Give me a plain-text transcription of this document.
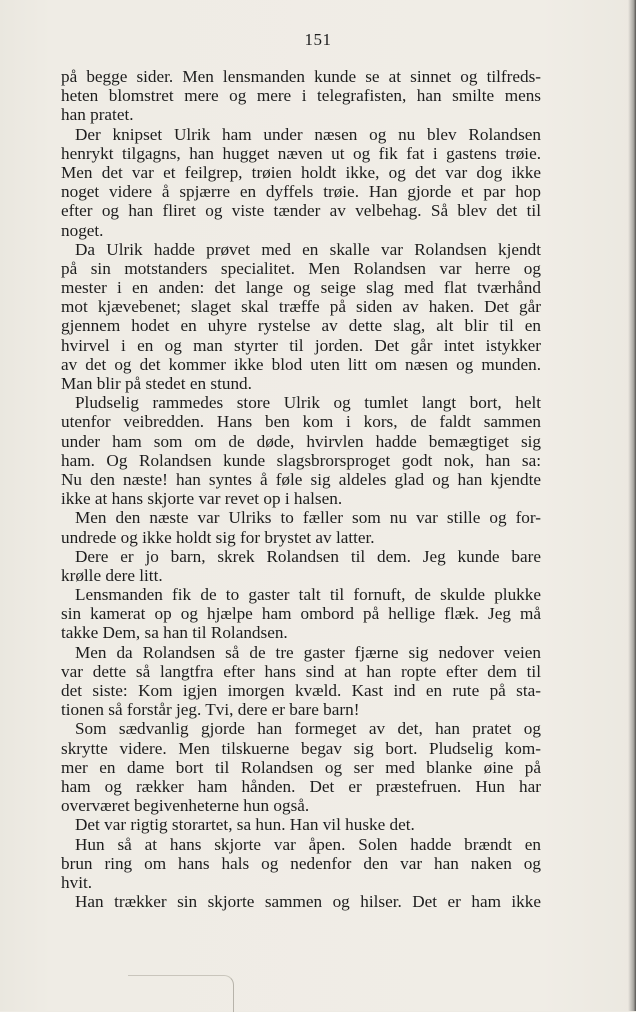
151
på begge sider. Men lensmanden kunde se at sinnet og tilfreds-
heten blomstret mere og mere i telegrafisten, han smilte mens
han pratet.
Der knipset Ulrik ham under næsen og nu blev Rolandsen
henrykt tilgagns, han hugget næven ut og fik fat i gastens trøie.
Men det var et feilgrep, trøien holdt ikke, og det var dog ikke
noget videre å spjærre en dyffels trøie. Han gjorde et par hop
efter og han fliret og viste tænder av velbehag. Så blev det til
noget.
Da Ulrik hadde prøvet med en skalle var Rolandsen kjendt
på sin motstanders specialitet. Men Rolandsen var herre og
mester i en anden: det lange og seige slag med flat tværhånd
mot kjævebenet; slaget skal træffe på siden av haken. Det går
gjennem hodet en uhyre rystelse av dette slag, alt blir til en
hvirvel i en og man styrter til jorden. Det går intet istykker
av det og det kommer ikke blod uten litt om næsen og munden.
Man blir på stedet en stund.
Pludselig rammedes store Ulrik og tumlet langt bort, helt
utenfor veibredden. Hans ben kom i kors, de faldt sammen
under ham som om de døde, hvirvlen hadde bemægtiget sig
ham. Og Rolandsen kunde slagsbrorsproget godt nok, han sa:
Nu den næste! han syntes å føle sig aldeles glad og han kjendte
ikke at hans skjorte var revet op i halsen.
Men den næste var Ulriks to fæller som nu var stille og for-
undrede og ikke holdt sig for brystet av latter.
Dere er jo barn, skrek Rolandsen til dem. Jeg kunde bare
krølle dere litt.
Lensmanden fik de to gaster talt til fornuft, de skulde plukke
sin kamerat op og hjælpe ham ombord på hellige flæk. Jeg må
takke Dem, sa han til Rolandsen.
Men da Rolandsen så de tre gaster fjærne sig nedover veien
var dette så langtfra efter hans sind at han ropte efter dem til
det siste: Kom igjen imorgen kvæld. Kast ind en rute på sta-
tionen så forstår jeg. Tvi, dere er bare barn!
Som sædvanlig gjorde han formeget av det, han pratet og
skrytte videre. Men tilskuerne begav sig bort. Pludselig kom-
mer en dame bort til Rolandsen og ser med blanke øine på
ham og rækker ham hånden. Det er præstefruen. Hun har
overværet begivenheterne hun også.
Det var rigtig storartet, sa hun. Han vil huske det.
Hun så at hans skjorte var åpen. Solen hadde brændt en
brun ring om hans hals og nedenfor den var han naken og
hvit.
Han trækker sin skjorte sammen og hilser. Det er ham ikke
